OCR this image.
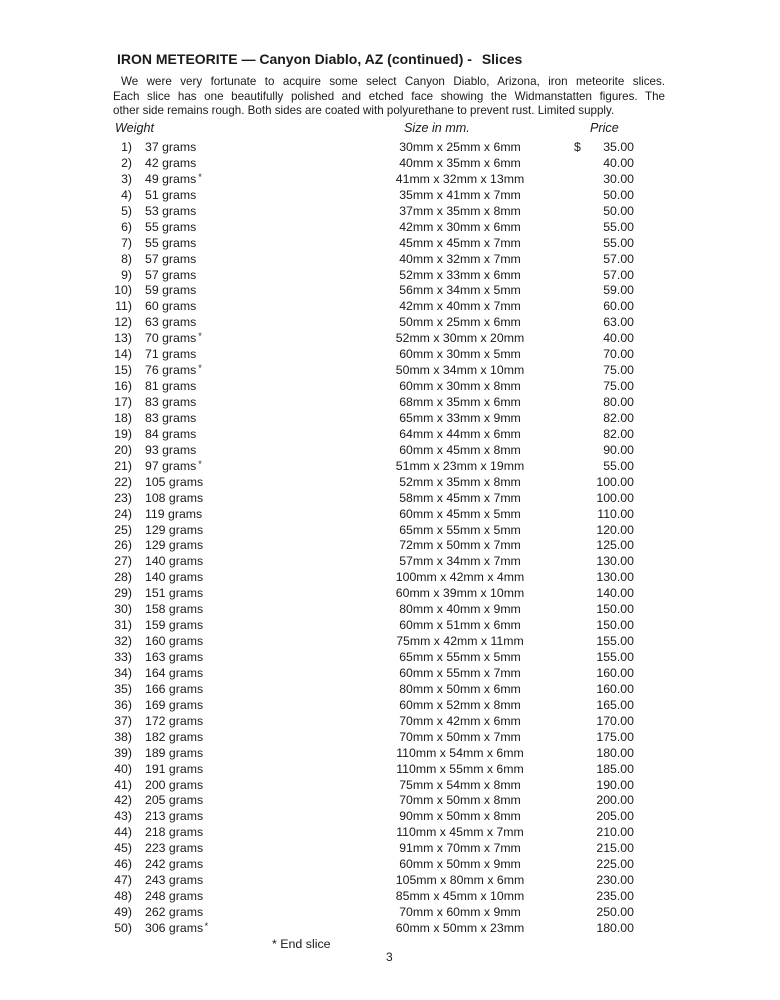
IRON METEORITE — Canyon Diablo, AZ (continued) - Slices
We were very fortunate to acquire some select Canyon Diablo, Arizona, iron meteorite slices.
Each slice has one beautifully polished and etched face showing the Widmanstatten figures. The
other side remains rough. Both sides are coated with polyurethane to prevent rust. Limited supply.
Weight	Size in mm.	Price
1) 37 grams	30mm x 25mm x 6mm	$	35.00
2) 42 grams	40mm x 35mm x 6mm	40.00
3) 49 grams *	41mm x 32mm x 13mm	30.00
4) 51 grams	35mm x 41mm x 7mm	50.00
5) 53 grams	37mm x 35mm x 8mm	50.00
6) 55 grams	42mm x 30mm x 6mm	55.00
7) 55 grams	45mm x 45mm x 7mm	55.00
8) 57 grams	40mm x 32mm x 7mm	57.00
9) 57 grams	52mm x 33mm x 6mm	57.00
10) 59 grams	56mm x 34mm x 5mm	59.00
11) 60 grams	42mm x 40mm x 7mm	60.00
12) 63 grams	50mm x 25mm x 6mm	63.00
13) 70 grams *	52mm x 30mm x 20mm	40.00
14) 71 grams	60mm x 30mm x 5mm	70.00
15) 76 grams *	50mm x 34mm x 10mm	75.00
16) 81 grams	60mm x 30mm x 8mm	75.00
17) 83 grams	68mm x 35mm x 6mm	80.00
18) 83 grams	65mm x 33mm x 9mm	82.00
19) 84 grams	64mm x 44mm x 6mm	82.00
20) 93 grams	60mm x 45mm x 8mm	90.00
21) 97 grams *	51mm x 23mm x 19mm	55.00
22) 105 grams	52mm x 35mm x 8mm	100.00
23) 108 grams	58mm x 45mm x 7mm	100.00
24) 119 grams	60mm x 45mm x 5mm	110.00
25) 129 grams	65mm x 55mm x 5mm	120.00
26) 129 grams	72mm x 50mm x 7mm	125.00
27) 140 grams	57mm x 34mm x 7mm	130.00
28) 140 grams	100mm x 42mm x 4mm	130.00
29) 151 grams	60mm x 39mm x 10mm	140.00
30) 158 grams	80mm x 40mm x 9mm	150.00
31) 159 grams	60mm x 51mm x 6mm	150.00
32) 160 grams	75mm x 42mm x 11mm	155.00
33) 163 grams	65mm x 55mm x 5mm	155.00
34) 164 grams	60mm x 55mm x 7mm	160.00
35) 166 grams	80mm x 50mm x 6mm	160.00
36) 169 grams	60mm x 52mm x 8mm	165.00
37) 172 grams	70mm x 42mm x 6mm	170.00
38) 182 grams	70mm x 50mm x 7mm	175.00
39) 189 grams	110mm x 54mm x 6mm	180.00
40) 191 grams	110mm x 55mm x 6mm	185.00
41) 200 grams	75mm x 54mm x 8mm	190.00
42) 205 grams	70mm x 50mm x 8mm	200.00
43) 213 grams	90mm x 50mm x 8mm	205.00
44) 218 grams	110mm x 45mm x 7mm	210.00
45) 223 grams	91mm x 70mm x 7mm	215.00
46) 242 grams	60mm x 50mm x 9mm	225.00
47) 243 grams	105mm x 80mm x 6mm	230.00
48) 248 grams	85mm x 45mm x 10mm	235.00
49) 262 grams	70mm x 60mm x 9mm	250.00
50) 306 grams *	60mm x 50mm x 23mm	180.00
* End slice
3
